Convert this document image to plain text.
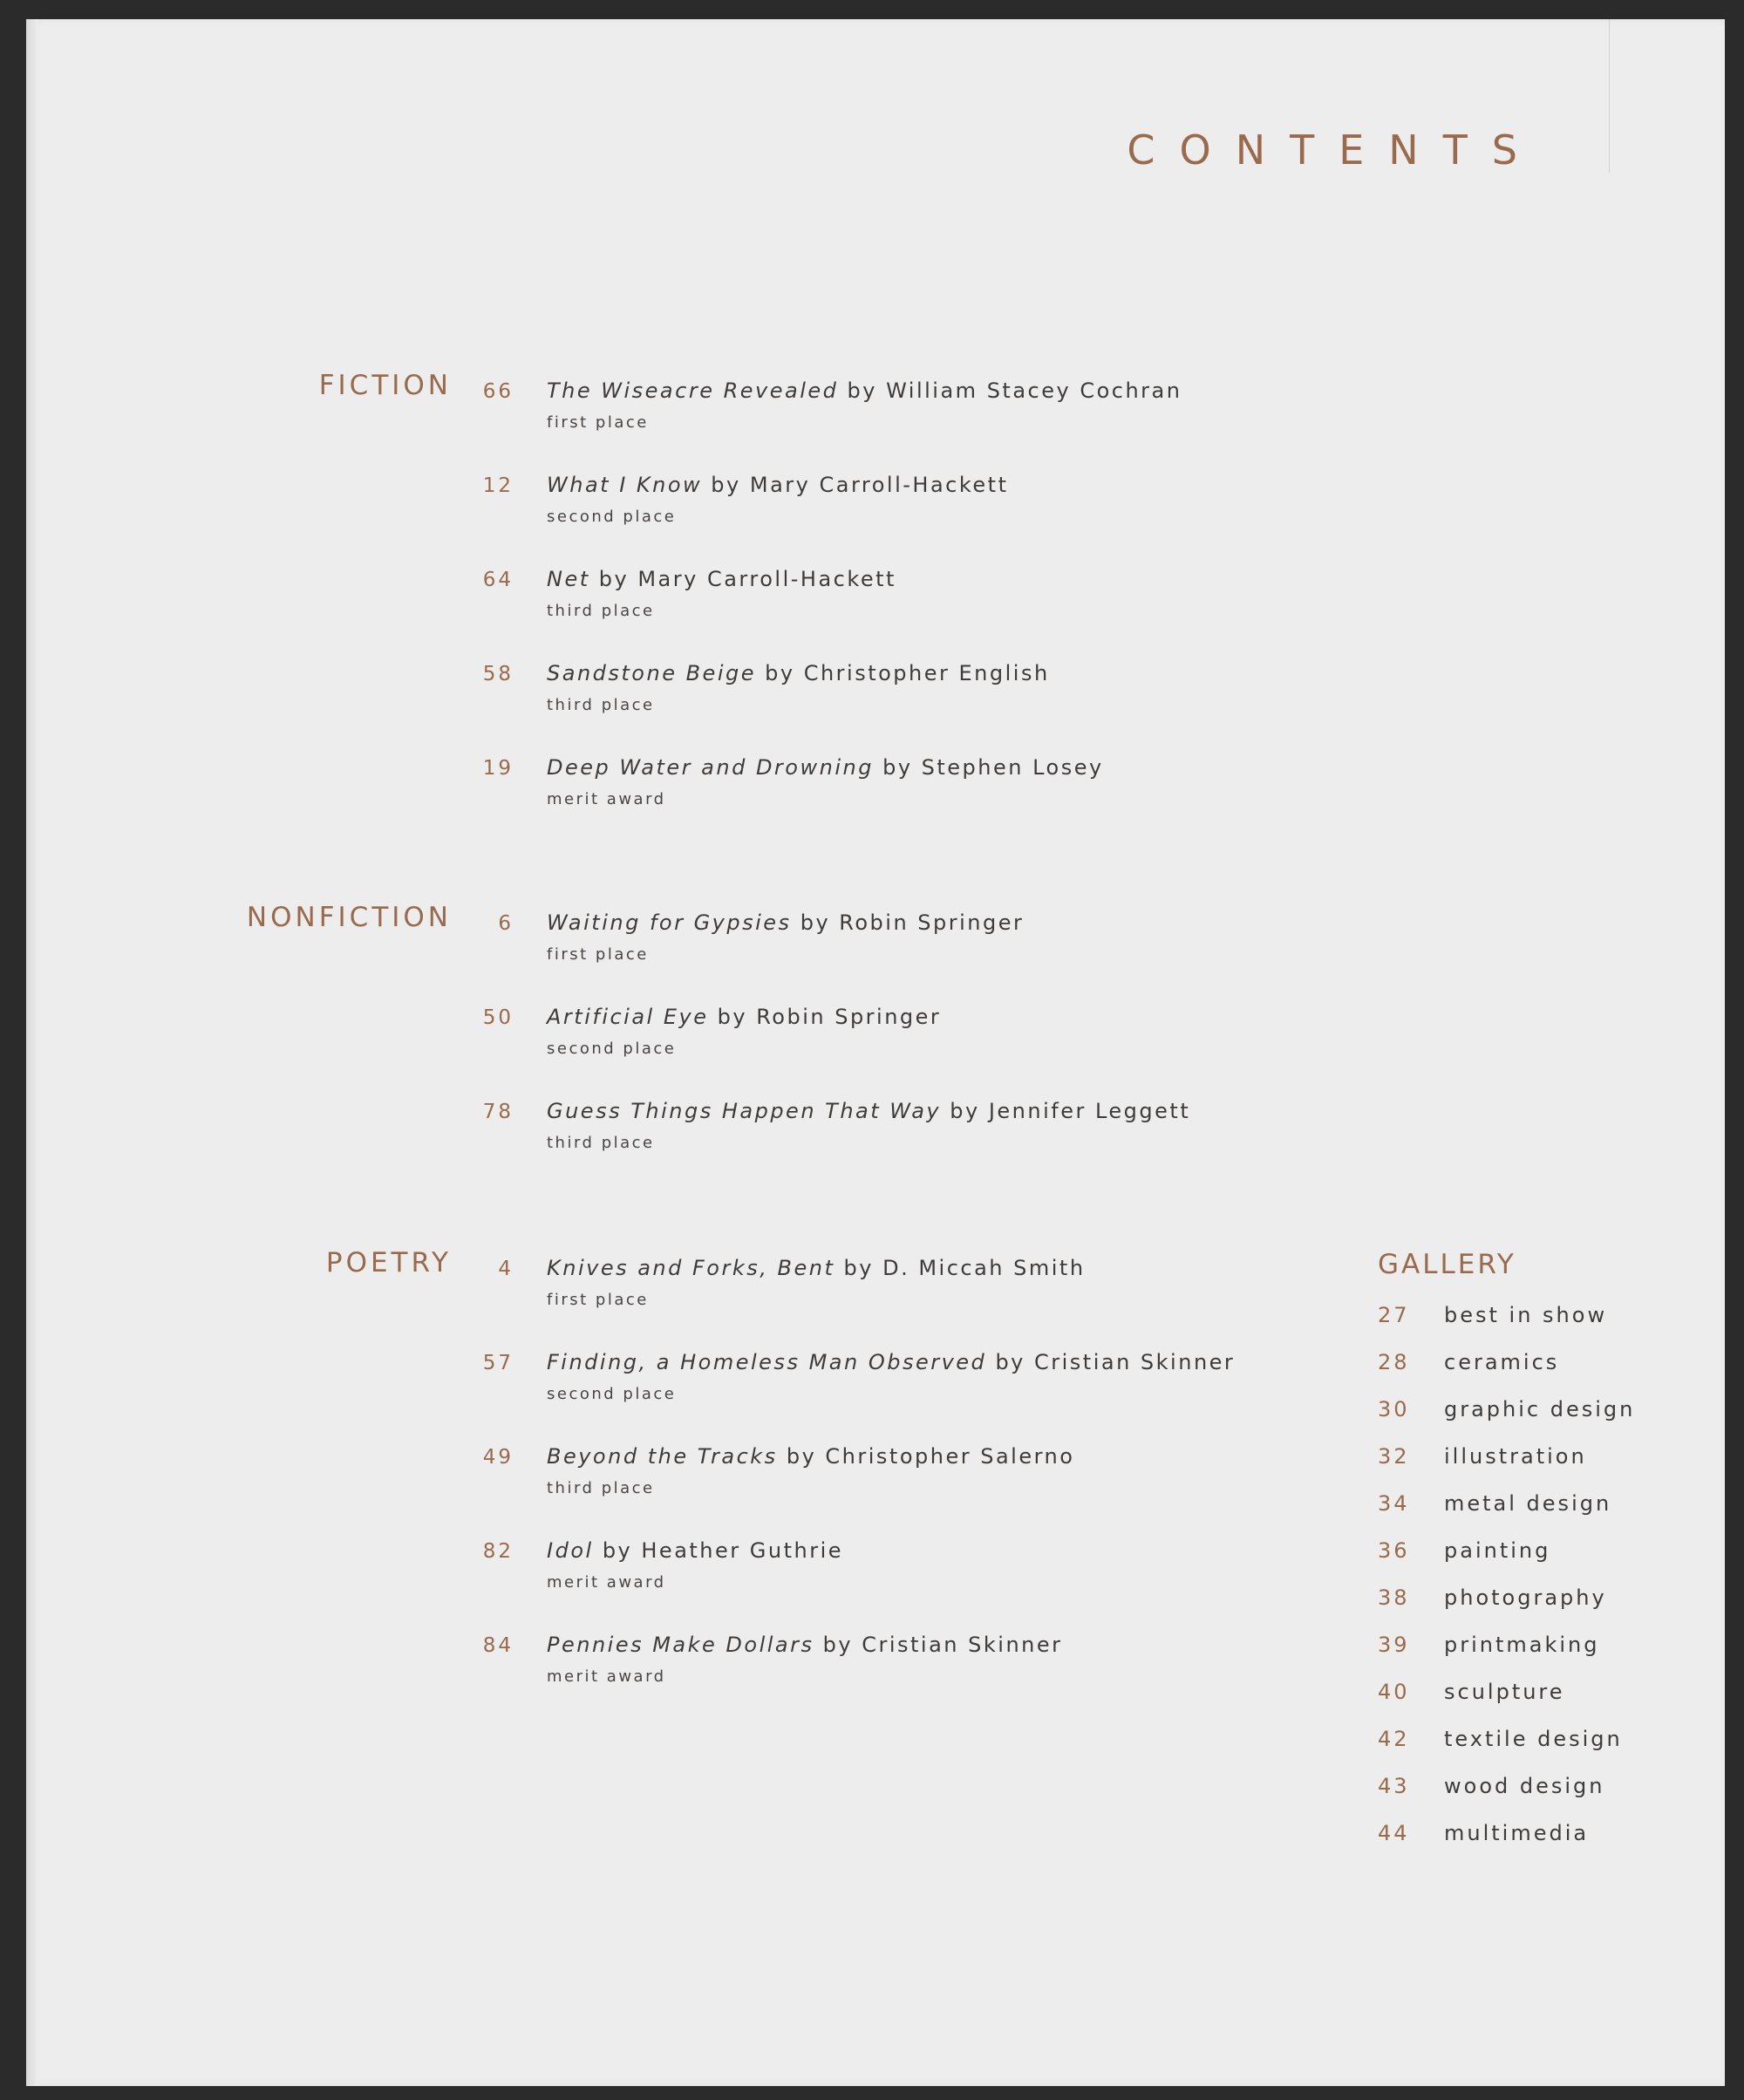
CONTENTS
FICTION	66 The Wiseacre Revealed by William Stacey Cochran
first place
12 What I Know by Mary Carroll-Hackett
second place
64 Net by Mary Carroll-Hackett
third place
58 Sandstone Beige by Christopher English
third place
19 Deep Water and Drowning by Stephen Losey
merit award
NONFICTION	6 Waiting for Gypsies by Robin Springer
first place
50 Artificial Eye by Robin Springer
second place
78 Guess Things Happen That Way by Jennifer Leggett
third place
POETRY	4 Knives and Forks, Bent by D. Miccah Smith
first place
57 Finding, a Homeless Man Observed by Cristian Skinner
second place
49 Beyond the Tracks by Christopher Salerno
third place
82 Idol by Heather Guthrie
merit award
84 Pennies Make Dollars by Cristian Skinner
merit award
GALLERY
27 best in show
28 ceramics
30 graphic design
32 illustration
34 metal design
36 painting
38 photography
39 printmaking
40 sculpture
42 textile design
43 wood design
44 multimedia
